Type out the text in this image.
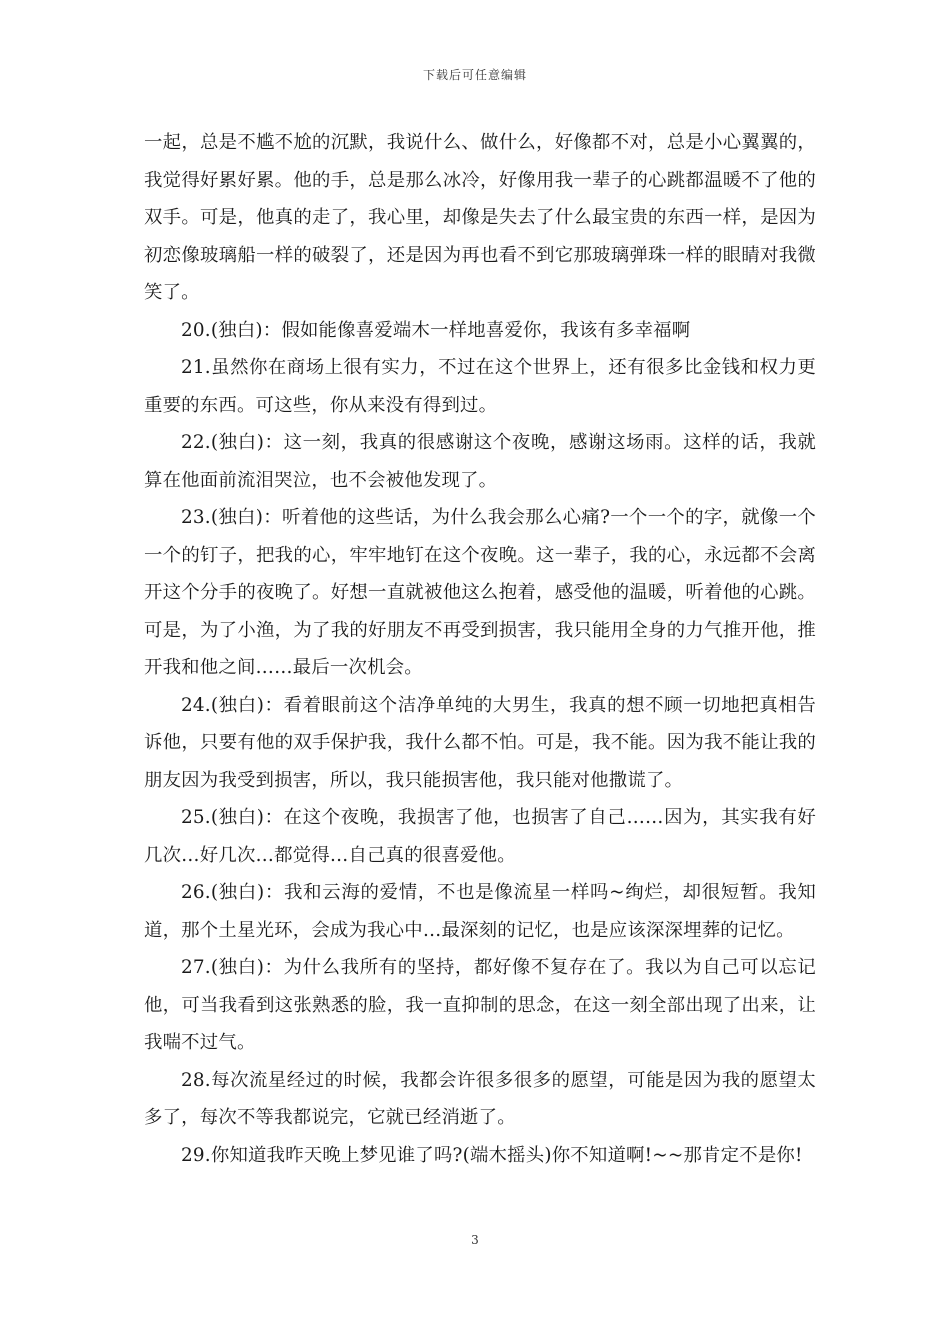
下载后可任意编辑

一起，总是不尴不尬的沉默，我说什么、做什么，好像都不对，总是小心翼翼的，我觉得好累好累。他的手，总是那么冰冷，好像用我一辈子的心跳都温暖不了他的双手。可是，他真的走了，我心里，却像是失去了什么最宝贵的东西一样，是因为初恋像玻璃船一样的破裂了，还是因为再也看不到它那玻璃弹珠一样的眼睛对我微笑了。

20.(独白)：假如能像喜爱端木一样地喜爱你，我该有多幸福啊

21.虽然你在商场上很有实力，不过在这个世界上，还有很多比金钱和权力更重要的东西。可这些，你从来没有得到过。

22.(独白)：这一刻，我真的很感谢这个夜晚，感谢这场雨。这样的话，我就算在他面前流泪哭泣，也不会被他发现了。

23.(独白)：听着他的这些话，为什么我会那么心痛?一个一个的字，就像一个一个的钉子，把我的心，牢牢地钉在这个夜晚。这一辈子，我的心，永远都不会离开这个分手的夜晚了。好想一直就被他这么抱着，感受他的温暖，听着他的心跳。可是，为了小渔，为了我的好朋友不再受到损害，我只能用全身的力气推开他，推开我和他之间……最后一次机会。

24.(独白)：看着眼前这个洁净单纯的大男生，我真的想不顾一切地把真相告诉他，只要有他的双手保护我，我什么都不怕。可是，我不能。因为我不能让我的朋友因为我受到损害，所以，我只能损害他，我只能对他撒谎了。

25.(独白)：在这个夜晚，我损害了他，也损害了自己……因为，其实我有好几次…好几次…都觉得…自己真的很喜爱他。

26.(独白)：我和云海的爱情，不也是像流星一样吗~绚烂，却很短暂。我知道，那个土星光环，会成为我心中…最深刻的记忆，也是应该深深埋葬的记忆。

27.(独白)：为什么我所有的坚持，都好像不复存在了。我以为自己可以忘记他，可当我看到这张熟悉的脸，我一直抑制的思念，在这一刻全部出现了出来，让我喘不过气。

28.每次流星经过的时候，我都会许很多很多的愿望，可能是因为我的愿望太多了，每次不等我都说完，它就已经消逝了。

29.你知道我昨天晚上梦见谁了吗?(端木摇头)你不知道啊!~~那肯定不是你!

3
